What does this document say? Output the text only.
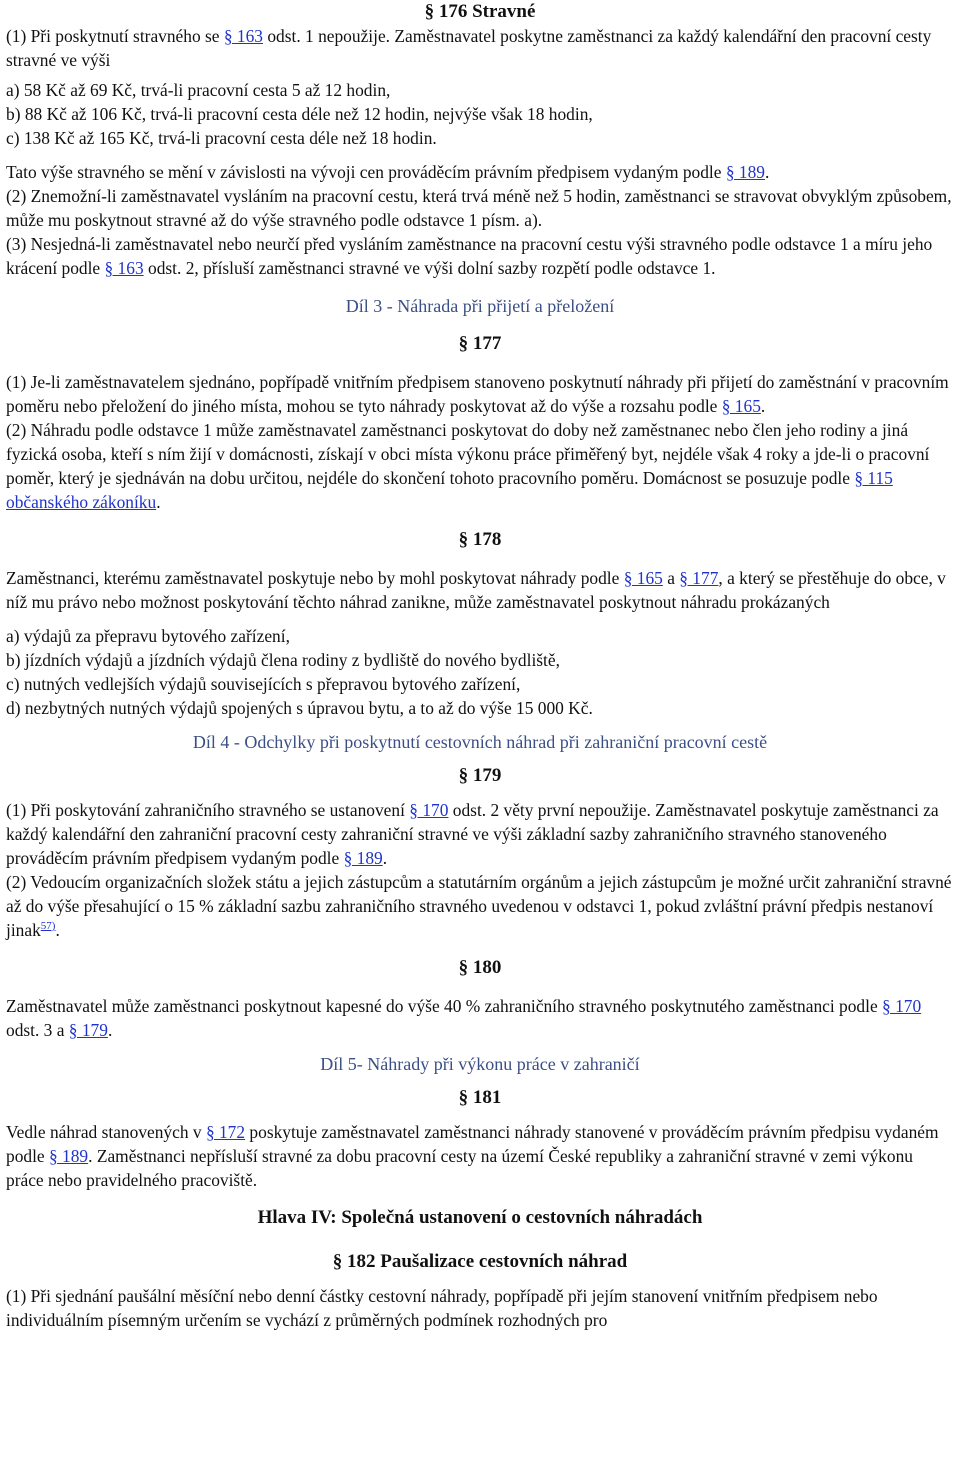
§ 176 Stravné

(1) Při poskytnutí stravného se § 163 odst. 1 nepoužije. Zaměstnavatel poskytne zaměstnanci za každý kalendářní den pracovní cesty stravné ve výši

a) 58 Kč až 69 Kč, trvá-li pracovní cesta 5 až 12 hodin,

b) 88 Kč až 106 Kč, trvá-li pracovní cesta déle než 12 hodin, nejvýše však 18 hodin,

c) 138 Kč až 165 Kč, trvá-li pracovní cesta déle než 18 hodin.

Tato výše stravného se mění v závislosti na vývoji cen prováděcím právním předpisem vydaným podle § 189.

(2) Znemožní-li zaměstnavatel vysláním na pracovní cestu, která trvá méně než 5 hodin, zaměstnanci se stravovat obvyklým způsobem, může mu poskytnout stravné až do výše stravného podle odstavce 1 písm. a).

(3) Nesjedná-li zaměstnavatel nebo neurčí před vysláním zaměstnance na pracovní cestu výši stravného podle odstavce 1 a míru jeho krácení podle § 163 odst. 2, přísluší zaměstnanci stravné ve výši dolní sazby rozpětí podle odstavce 1.

Díl 3 - Náhrada při přijetí a přeložení

§ 177

(1) Je-li zaměstnavatelem sjednáno, popřípadě vnitřním předpisem stanoveno poskytnutí náhrady při přijetí do zaměstnání v pracovním poměru nebo přeložení do jiného místa, mohou se tyto náhrady poskytovat až do výše a rozsahu podle § 165.

(2) Náhradu podle odstavce 1 může zaměstnavatel zaměstnanci poskytovat do doby než zaměstnanec nebo člen jeho rodiny a jiná fyzická osoba, kteří s ním žijí v domácnosti, získají v obci místa výkonu práce přiměřený byt, nejdéle však 4 roky a jde-li o pracovní poměr, který je sjednáván na dobu určitou, nejdéle do skončení tohoto pracovního poměru. Domácnost se posuzuje podle § 115 občanského zákoníku.

§ 178

Zaměstnanci, kterému zaměstnavatel poskytuje nebo by mohl poskytovat náhrady podle § 165 a § 177, a který se přestěhuje do obce, v níž mu právo nebo možnost poskytování těchto náhrad zanikne, může zaměstnavatel poskytnout náhradu prokázaných

a) výdajů za přepravu bytového zařízení,

b) jízdních výdajů a jízdních výdajů člena rodiny z bydliště do nového bydliště,

c) nutných vedlejších výdajů souvisejících s přepravou bytového zařízení,

d) nezbytných nutných výdajů spojených s úpravou bytu, a to až do výše 15 000 Kč.

Díl 4 - Odchylky při poskytnutí cestovních náhrad při zahraniční pracovní cestě

§ 179

(1) Při poskytování zahraničního stravného se ustanovení § 170 odst. 2 věty první nepoužije. Zaměstnavatel poskytuje zaměstnanci za každý kalendářní den zahraniční pracovní cesty zahraniční stravné ve výši základní sazby zahraničního stravného stanoveného prováděcím právním předpisem vydaným podle § 189.

(2) Vedoucím organizačních složek státu a jejich zástupcům a statutárním orgánům a jejich zástupcům je možné určit zahraniční stravné až do výše přesahující o 15 % základní sazbu zahraničního stravného uvedenou v odstavci 1, pokud zvláštní právní předpis nestanoví jinak$^{57)}$.

§ 180

Zaměstnavatel může zaměstnanci poskytnout kapesné do výše 40 % zahraničního stravného poskytnutého zaměstnanci podle § 170 odst. 3 a § 179.

Díl 5- Náhrady při výkonu práce v zahraničí

§ 181

Vedle náhrad stanovených v § 172 poskytuje zaměstnavatel zaměstnanci náhrady stanovené v prováděcím právním předpisu vydaném podle § 189. Zaměstnanci nepřísluší stravné za dobu pracovní cesty na území České republiky a zahraniční stravné v zemi výkonu práce nebo pravidelného pracoviště.

Hlava IV: Společná ustanovení o cestovních náhradách

§ 182 Paušalizace cestovních náhrad

(1) Při sjednání paušální měsíční nebo denní částky cestovní náhrady, popřípadě při jejím stanovení vnitřním předpisem nebo individuálním písemným určením se vychází z průměrných podmínek rozhodných pro
